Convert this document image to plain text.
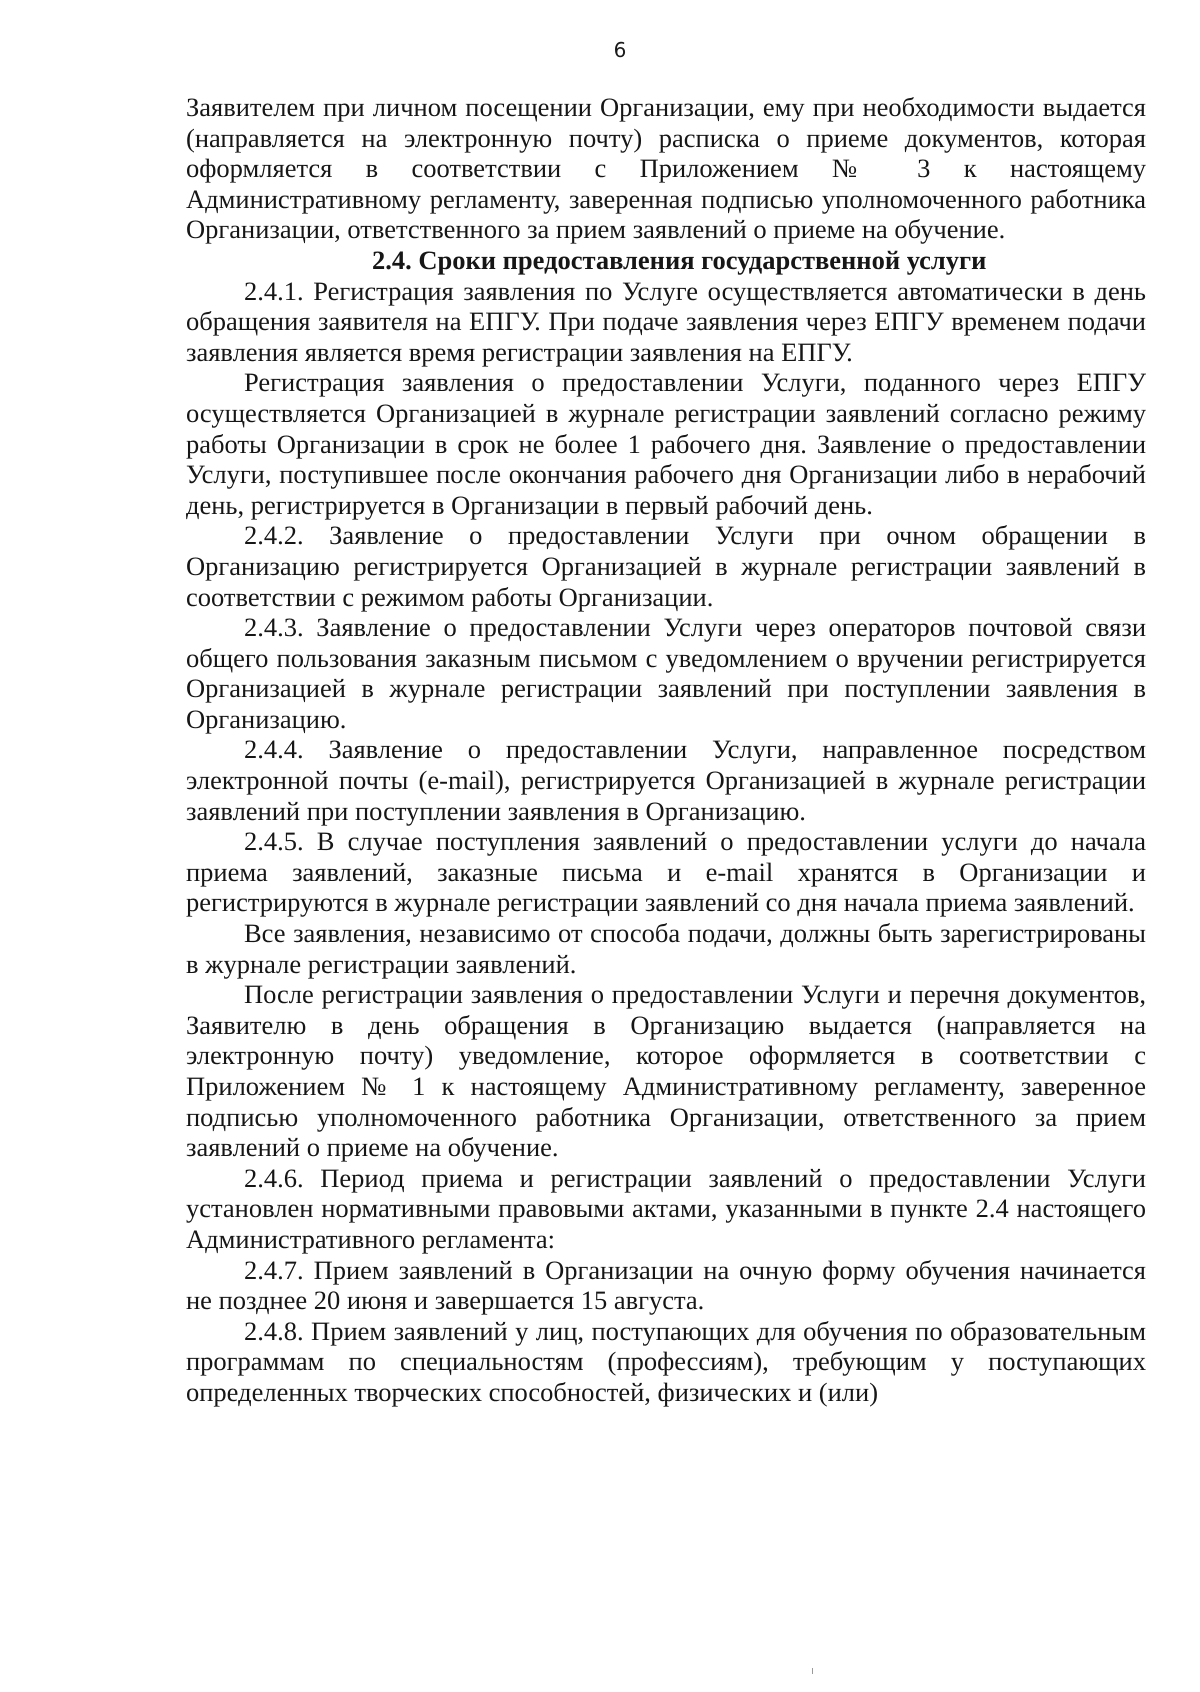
6

Заявителем при личном посещении Организации, ему при необходимости выдается (направляется на электронную почту) расписка о приеме документов, которая оформляется в соответствии с Приложением № 3 к настоящему Административному регламенту, заверенная подписью уполномоченного работника Организации, ответственного за прием заявлений о приеме на обучение.

2.4. Сроки предоставления государственной услуги

2.4.1. Регистрация заявления по Услуге осуществляется автоматически в день обращения заявителя на ЕПГУ. При подаче заявления через ЕПГУ временем подачи заявления является время регистрации заявления на ЕПГУ.

Регистрация заявления о предоставлении Услуги, поданного через ЕПГУ осуществляется Организацией в журнале регистрации заявлений согласно режиму работы Организации в срок не более 1 рабочего дня. Заявление о предоставлении Услуги, поступившее после окончания рабочего дня Организации либо в нерабочий день, регистрируется в Организации в первый рабочий день.

2.4.2. Заявление о предоставлении Услуги при очном обращении в Организацию регистрируется Организацией в журнале регистрации заявлений в соответствии с режимом работы Организации.

2.4.3. Заявление о предоставлении Услуги через операторов почтовой связи общего пользования заказным письмом с уведомлением о вручении регистрируется Организацией в журнале регистрации заявлений при поступлении заявления в Организацию.

2.4.4. Заявление о предоставлении Услуги, направленное посредством электронной почты (e-mail), регистрируется Организацией в журнале регистрации заявлений при поступлении заявления в Организацию.

2.4.5. В случае поступления заявлений о предоставлении услуги до начала приема заявлений, заказные письма и e-mail хранятся в Организации и регистрируются в журнале регистрации заявлений со дня начала приема заявлений.

Все заявления, независимо от способа подачи, должны быть зарегистрированы в журнале регистрации заявлений.

После регистрации заявления о предоставлении Услуги и перечня документов, Заявителю в день обращения в Организацию выдается (направляется на электронную почту) уведомление, которое оформляется в соответствии с Приложением № 1 к настоящему Административному регламенту, заверенное подписью уполномоченного работника Организации, ответственного за прием заявлений о приеме на обучение.

2.4.6. Период приема и регистрации заявлений о предоставлении Услуги установлен нормативными правовыми актами, указанными в пункте 2.4 настоящего Административного регламента:

2.4.7. Прием заявлений в Организации на очную форму обучения начинается не позднее 20 июня и завершается 15 августа.

2.4.8. Прием заявлений у лиц, поступающих для обучения по образовательным программам по специальностям (профессиям), требующим у поступающих определенных творческих способностей, физических и (или)
